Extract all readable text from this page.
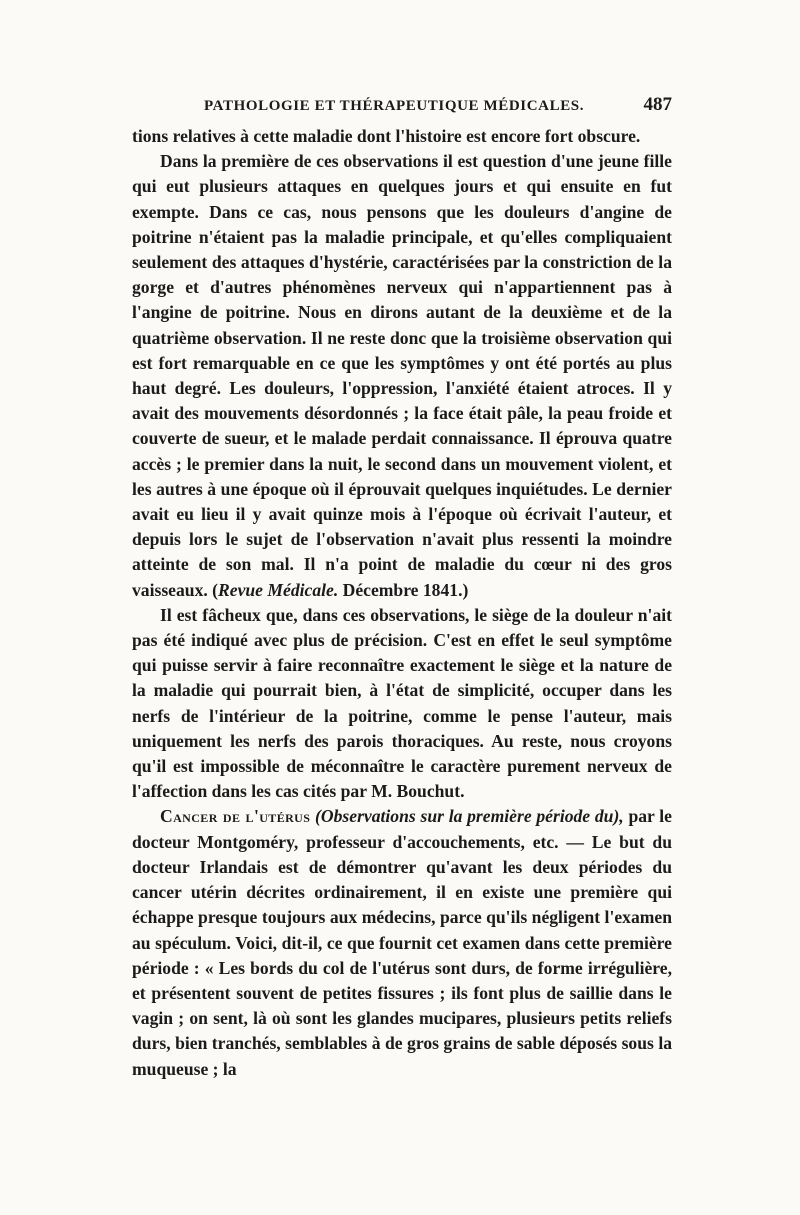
PATHOLOGIE ET THÉRAPEUTIQUE MÉDICALES.	487

tions relatives à cette maladie dont l'histoire est encore fort obscure.

Dans la première de ces observations il est question d'une jeune fille qui eut plusieurs attaques en quelques jours et qui ensuite en fut exempte. Dans ce cas, nous pensons que les douleurs d'angine de poitrine n'étaient pas la maladie principale, et qu'elles compliquaient seulement des attaques d'hystérie, caractérisées par la constriction de la gorge et d'autres phénomènes nerveux qui n'appartiennent pas à l'angine de poitrine. Nous en dirons autant de la deuxième et de la quatrième observation. Il ne reste donc que la troisième observation qui est fort remarquable en ce que les symptômes y ont été portés au plus haut degré. Les douleurs, l'oppression, l'anxiété étaient atroces. Il y avait des mouvements désordonnés ; la face était pâle, la peau froide et couverte de sueur, et le malade perdait connaissance. Il éprouva quatre accès ; le premier dans la nuit, le second dans un mouvement violent, et les autres à une époque où il éprouvait quelques inquiétudes. Le dernier avait eu lieu il y avait quinze mois à l'époque où écrivait l'auteur, et depuis lors le sujet de l'observation n'avait plus ressenti la moindre atteinte de son mal. Il n'a point de maladie du cœur ni des gros vaisseaux. (Revue Médicale. Décembre 1841.)

Il est fâcheux que, dans ces observations, le siège de la douleur n'ait pas été indiqué avec plus de précision. C'est en effet le seul symptôme qui puisse servir à faire reconnaître exactement le siège et la nature de la maladie qui pourrait bien, à l'état de simplicité, occuper dans les nerfs de l'intérieur de la poitrine, comme le pense l'auteur, mais uniquement les nerfs des parois thoraciques. Au reste, nous croyons qu'il est impossible de méconnaître le caractère purement nerveux de l'affection dans les cas cités par M. Bouchut.

Cancer de l'utérus (Observations sur la première période du), par le docteur Montgoméry, professeur d'accouchements, etc. — Le but du docteur Irlandais est de démontrer qu'avant les deux périodes du cancer utérin décrites ordinairement, il en existe une première qui échappe presque toujours aux médecins, parce qu'ils négligent l'examen au spéculum. Voici, dit-il, ce que fournit cet examen dans cette première période : « Les bords du col de l'utérus sont durs, de forme irrégulière, et présentent souvent de petites fissures ; ils font plus de saillie dans le vagin ; on sent, là où sont les glandes mucipares, plusieurs petits reliefs durs, bien tranchés, semblables à de gros grains de sable déposés sous la muqueuse ; la
